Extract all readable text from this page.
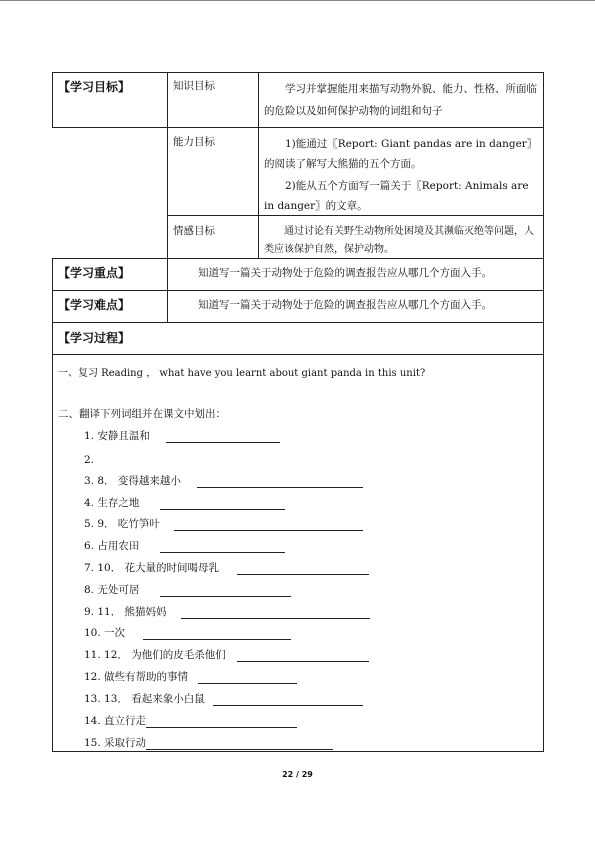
【学习目标】	知识目标	学习并掌握能用来描写动物外貌、能力、性格、所面临的危险以及如何保护动物的词组和句子
能力目标	1)能通过〖Report: Giant pandas are in danger〗的阅读了解写大熊猫的五个方面。
2)能从五个方面写一篇关于〖Report: Animals are in danger〗的文章。
情感目标	通过讨论有关野生动物所处困境及其濒临灭绝等问题，人类应该保护自然，保护动物。
【学习重点】	知道写一篇关于动物处于危险的调查报告应从哪几个方面入手。
【学习难点】	知道写一篇关于动物处于危险的调查报告应从哪几个方面入手。
【学习过程】
一、复习 Reading ， what have you learnt about giant panda in this unit?
二、翻译下列词组并在课文中划出：
1. 安静且温和
2.
3. 8． 变得越来越小
4. 生存之地
5. 9． 吃竹笋叶
6. 占用农田
7. 10． 花大量的时间喝母乳
8. 无处可居
9. 11． 熊猫妈妈
10. 一次
11. 12． 为他们的皮毛杀他们
12. 做些有帮助的事情
13. 13． 看起来象小白鼠
14. 直立行走
15. 采取行动
22 / 29
